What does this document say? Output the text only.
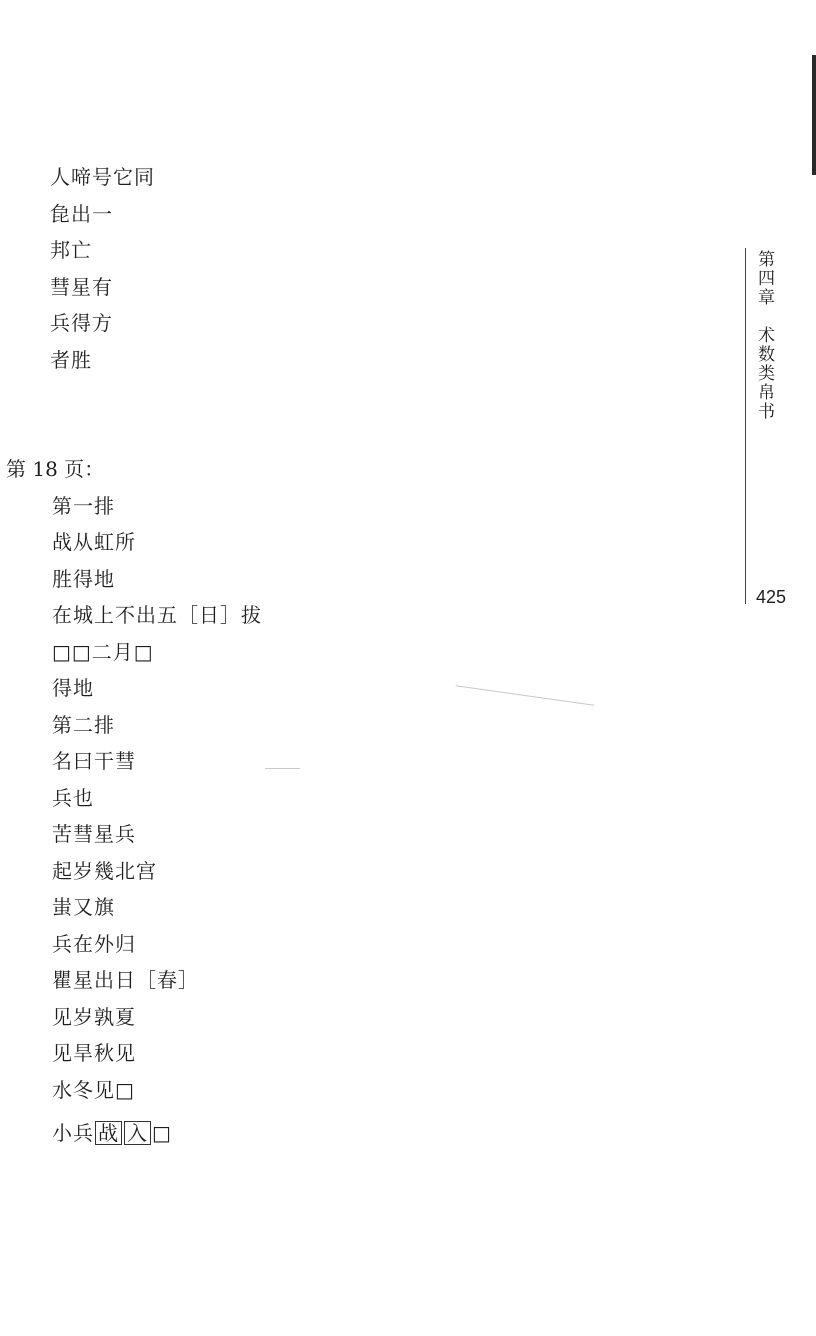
人啼号它同
㲋出一
邦亡
彗星有
兵得方
者胜
第 18 页：
第一排
战从虹所
胜得地
在城上不出五［日］拔
□□二月□
得地
第二排
名曰干彗
兵也
苦彗星兵
起岁幾北宫
蚩又旗
兵在外归
瞿星出日［春］
见岁孰夏
见旱秋见
水冬见□
小兵 战 入 □
第四章　术数类帛书
425
